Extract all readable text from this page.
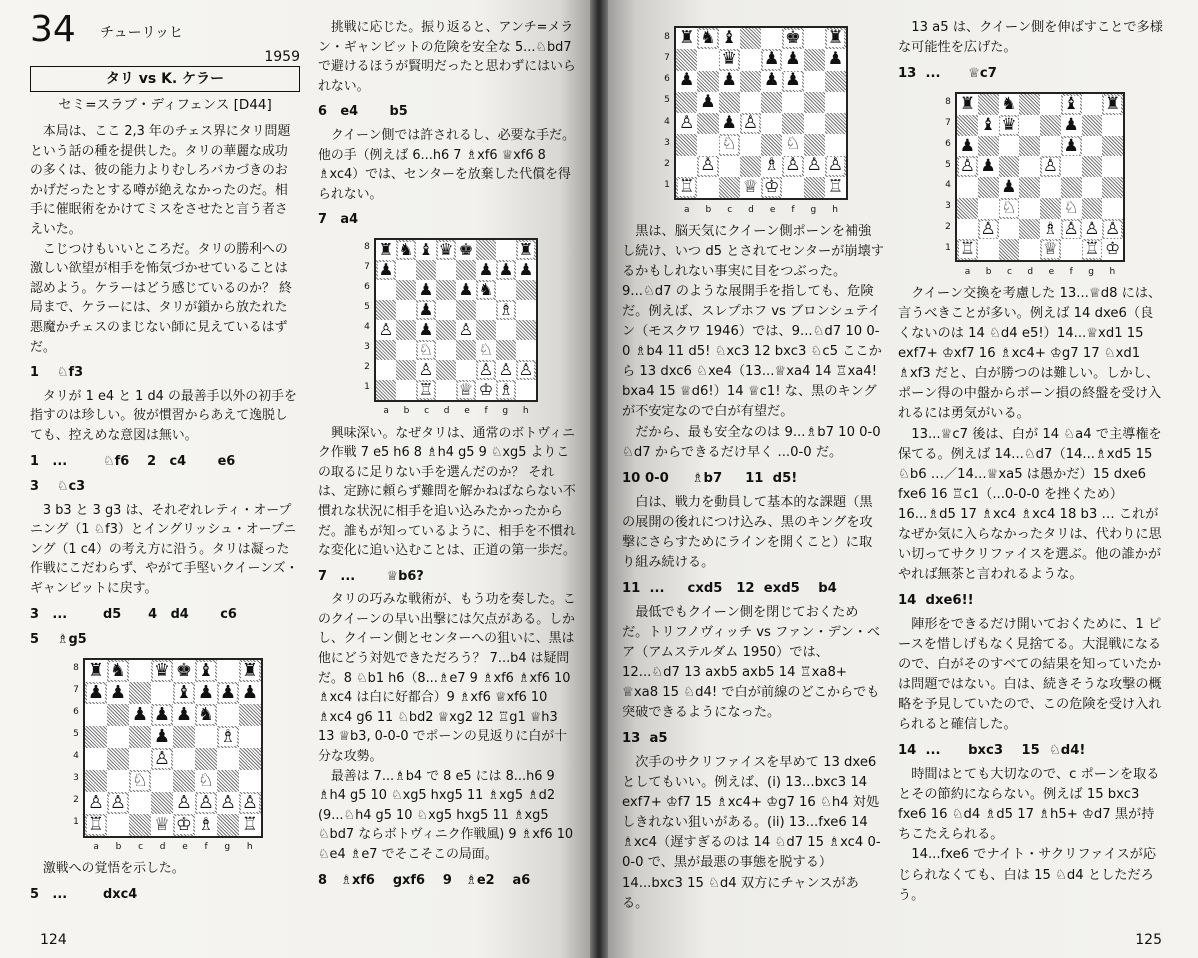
34 チューリッヒ
1959
タリ vs K. ケラー
セミ=スラブ・ディフェンス [D44]

本局は、ここ 2,3 年のチェス界にタリ問題という話の種を提供した。タリの華麗な成功の多くは、彼の能力よりむしろバカづきのおかげだったとする噂が絶えなかったのだ。相手に催眠術をかけてミスをさせたと言う者さえいた。

こじつけもいいところだ。タリの勝利への激しい欲望が相手を怖気づかせていることは認めよう。ケラーはどう感じているのか？ 終局まで、ケラーには、タリが鎖から放たれた悪魔かチェスのまじない師に見えているはずだ。

1    ♘f3

タリが 1 e4 と 1 d4 の最善手以外の初手を指すのは珍しい。彼が慣習からあえて逸脱しても、控えめな意図は無い。

1   ...        ♘f6    2   c4       e6
3    ♘c3

3 b3 と 3 g3 は、それぞれレティ・オープニング（1 ♘f3）とイングリッシュ・オープニング（1 c4）の考え方に沿う。タリは凝った作戦にこだわらず、やがて手堅いクイーンズ・ギャンビットに戻す。

3   ...        d5      4   d4       c6
5    ♗g5
8
7
6
5
4
3
2
1
♜ ♞ ♛ ♚ ♝ ♜
♟ ♟	♝ ♟ ♟ ♟
♟ ♟ ♟ ♞
♟	♗
♙
♘	♘
♙ ♙	♙ ♙ ♙ ♙
♖	♕ ♔ ♗ ♖
a b c d e f g h

激戦への覚悟を示した。

5   ...        dxc4

挑戦に応じた。振り返ると、アンチ=メラン・ギャンビットの危険を安全な 5...♘bd7 で避けるほうが賢明だったと思わずにはいられない。

6   e4       b5

クイーン側では許されるし、必要な手だ。他の手（例えば 6...h6 7 ♗xf6 ♕xf6 8 ♗xc4）では、センターを放棄した代償を得られない。

7   a4
8
7
6
5
4
3
2
1
♜ ♞ ♝ ♛ ♚	♜
♟	♟ ♟ ♟
♟ ♟ ♞
♟	♗
♙ ♟ ♙
♘	♘
♙	♙ ♙ ♙
♖ ♕ ♔ ♗
a b c d e f g h

興味深い。なぜタリは、通常のボトヴィニク作戦 7 e5 h6 8 ♗h4 g5 9 ♘xg5 よりこの取るに足りない手を選んだのか？ それは、定跡に頼らず難問を解かねばならない不慣れな状況に相手を追い込みたかったからだ。誰もが知っているように、相手を不慣れな変化に追い込むことは、正道の第一歩だ。

7   ...       ♕b6?

タリの巧みな戦術が、もう功を奏した。このクイーンの早い出撃には欠点がある。しかし、クイーン側とセンターへの狙いに、黒は他にどう対処できただろう？ 7...b4 は疑問だ。8 ♘b1 h6（8...♗e7 9 ♗xf6 ♗xf6 10 ♗xc4 は白に好都合）9 ♗xf6 ♕xf6 10 ♗xc4 g6 11 ♘bd2 ♕xg2 12 ♖g1 ♕h3 13 ♕b3, 0-0-0 でポーンの見返りに白が十分な攻勢。

最善は 7...♗b4 で 8 e5 には 8...h6 9 ♗h4 g5 10 ♘xg5 hxg5 11 ♗xg5 ♗d2 (9...♘h4 g5 10 ♘xg5 hxg5 11 ♗xg5 ♘bd7 ならボトヴィニク作戦風) 9 ♗xf6 10 ♘e4 ♗e7 でそこそこの局面。

8   ♗xf6    gxf6    9   ♗e2    a6
124
8
7
6
5
4
3
2
1
♜ ♞ ♝	♚ ♜
♛ ♟ ♟ ♟
♟ ♟ ♟ ♟
♟
♙ ♟ ♙
♘	♘
♙	♗ ♙ ♙ ♙
♖	♕ ♔	♖
a b c d e f g h

黒は、脳天気にクイーン側ポーンを補強し続け、いつ d5 とされてセンターが崩壊するかもしれない事実に目をつぶった。9...♘d7 のような展開手を指しても、危険だ。例えば、スレプホフ vs ブロンシュテイン（モスクワ 1946）では、9...♘d7 10 0-0 ♗b4 11 d5! ♘xc3 12 bxc3 ♘c5 ここから 13 dxc6 ♘xe4（13...♕xa4 14 ♖xa4! bxa4 15 ♕d6!）14 ♕c1! な、黒のキングが不安定なので白が有望だ。

だから、最も安全なのは 9...♗b7 10 0-0 ♘d7 からできるだけ早く ...0-0 だ。

10 0-0     ♗b7     11  d5!

白は、戦力を動員して基本的な課題（黒の展開の後れにつけ込み、黒のキングを攻撃にさらすためにラインを開くこと）に取り組み続ける。

11  ...     cxd5   12  exd5    b4

最低でもクイーン側を閉じておくためだ。トリフノヴィッチ vs ファン・デン・ベア（アムステルダム 1950）では、12...♘d7 13 axb5 axb5 14 ♖xa8+ ♕xa8 15 ♘d4! で白が前線のどこからでも突破できるようになった。

13  a5

次手のサクリファイスを早めて 13 dxe6 としてもいい。例えば、(i) 13...bxc3 14 exf7+ ♔f7 15 ♗xc4+ ♔g7 16 ♘h4 対処しきれない狙いがある。(ii) 13...fxe6 14 ♗xc4（遅すぎるのは 14 ♘d7 15 ♗xc4 0-0-0 で、黒が最悪の事態を脱する）14...bxc3 15 ♘d4 双方にチャンスがある。

13 a5 は、クイーン側を伸ばすことで多様な可能性を広げた。

13  ...      ♕c7
8
7
6
5
4
3
2
1
♜ ♞	♝ ♜
♝ ♛	♟
♟	♟
♙ ♟	♙
♟
♘	♘
♙	♗ ♙ ♙ ♙
♖	♕ ♖ ♔
a b c d e f g h

クイーン交換を考慮した 13...♕d8 には、言うべきことが多い。例えば 14 dxe6（良くないのは 14 ♘d4 e5!）14...♕xd1 15 exf7+ ♔xf7 16 ♗xc4+ ♔g7 17 ♘xd1 ♗xf3 だと、白が勝つのは難しい。しかし、ポーン得の中盤からポーン損の終盤を受け入れるには勇気がいる。

13...♕c7 後は、白が 14 ♘a4 で主導権を保てる。例えば 14...♘d7（14...♗xd5 15 ♘b6 …／14...♕xa5 は愚かだ）15 dxe6 fxe6 16 ♖c1（...0-0-0 を挫くため）16...♗d5 17 ♗xc4 ♗xc4 18 b3 … これがなぜか気に入らなかったタリは、代わりに思い切ってサクリファイスを選ぶ。他の誰かがやれば無茶と言われるような。

14  dxe6!!

陣形をできるだけ開いておくために、1 ピースを惜しげもなく見捨てる。大混戦になるので、白がそのすべての結果を知っていたかは問題ではない。白は、続きそうな攻撃の概略を予見していたので、この危険を受け入れられると確信した。

14  ...      bxc3    15  ♘d4!

時間はとても大切なので、c ポーンを取るとその節約にならない。例えば 15 bxc3 fxe6 16 ♘d4 ♗d5 17 ♗h5+ ♔d7 黒が持ちこたえられる。

14...fxe6 でナイト・サクリファイスが応じられなくても、白は 15 ♘d4 としただろう。

125
